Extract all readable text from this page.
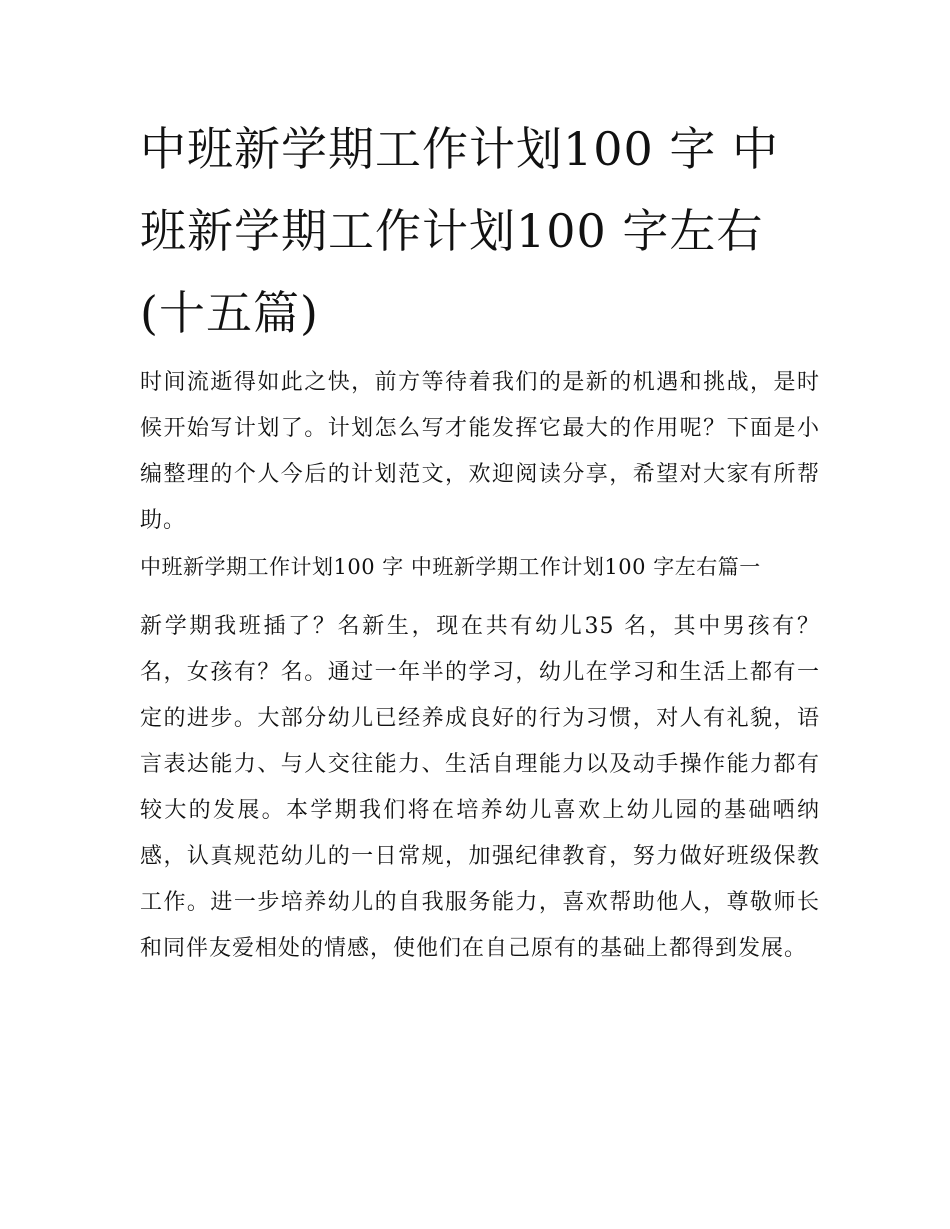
中班新学期工作计划100 字 中班新学期工作计划100 字左右(十五篇)

时间流逝得如此之快，前方等待着我们的是新的机遇和挑战，是时候开始写计划了。计划怎么写才能发挥它最大的作用呢？下面是小编整理的个人今后的计划范文，欢迎阅读分享，希望对大家有所帮助。

中班新学期工作计划100 字 中班新学期工作计划100 字左右篇一

新学期我班插了？名新生，现在共有幼儿35 名，其中男孩有？名，女孩有？名。通过一年半的学习，幼儿在学习和生活上都有一定的进步。大部分幼儿已经养成良好的行为习惯，对人有礼貌，语言表达能力、与人交往能力、生活自理能力以及动手操作能力都有较大的发展。本学期我们将在培养幼儿喜欢上幼儿园的基础哂纳感，认真规范幼儿的一日常规，加强纪律教育，努力做好班级保教工作。进一步培养幼儿的自我服务能力，喜欢帮助他人，尊敬师长和同伴友爱相处的情感，使他们在自己原有的基础上都得到发展。
